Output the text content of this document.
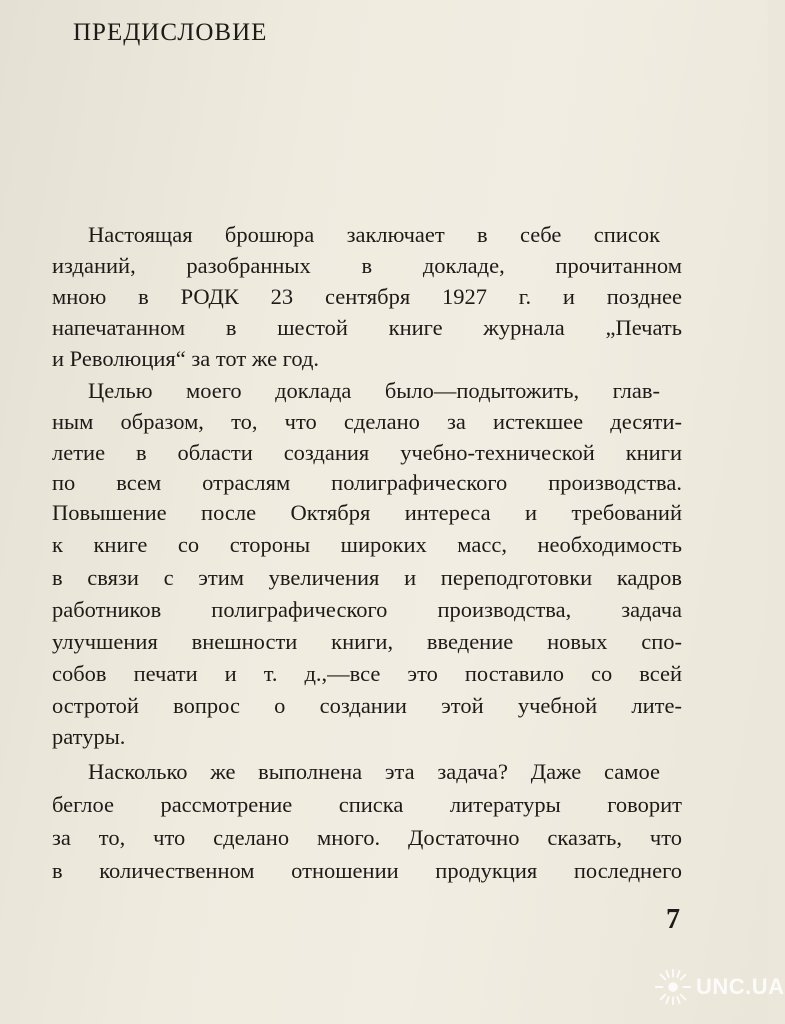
ПРЕДИСЛОВИЕ
Настоящая брошюра заключает в себе список
изданий, разобранных в докладе, прочитанном
мною в РОДК 23 сентября 1927 г. и позднее
напечатанном в шестой книге журнала „Печать
и Революция“ за тот же год.
Целью моего доклада было—подытожить, глав-
ным образом, то, что сделано за истекшее десяти-
летие в области создания учебно-технической книги
по всем отраслям полиграфического производства.
Повышение после Октября интереса и требований
к книге со стороны широких масс, необходимость
в связи с этим увеличения и переподготовки кадров
работников полиграфического производства, задача
улучшения внешности книги, введение новых спо-
собов печати и т. д.,—все это поставило со всей
остротой вопрос о создании этой учебной лите-
ратуры.
Насколько же выполнена эта задача? Даже самое
беглое рассмотрение списка литературы говорит
за то, что сделано много. Достаточно сказать, что
в количественном отношении продукция последнего
7
UNC.UA
